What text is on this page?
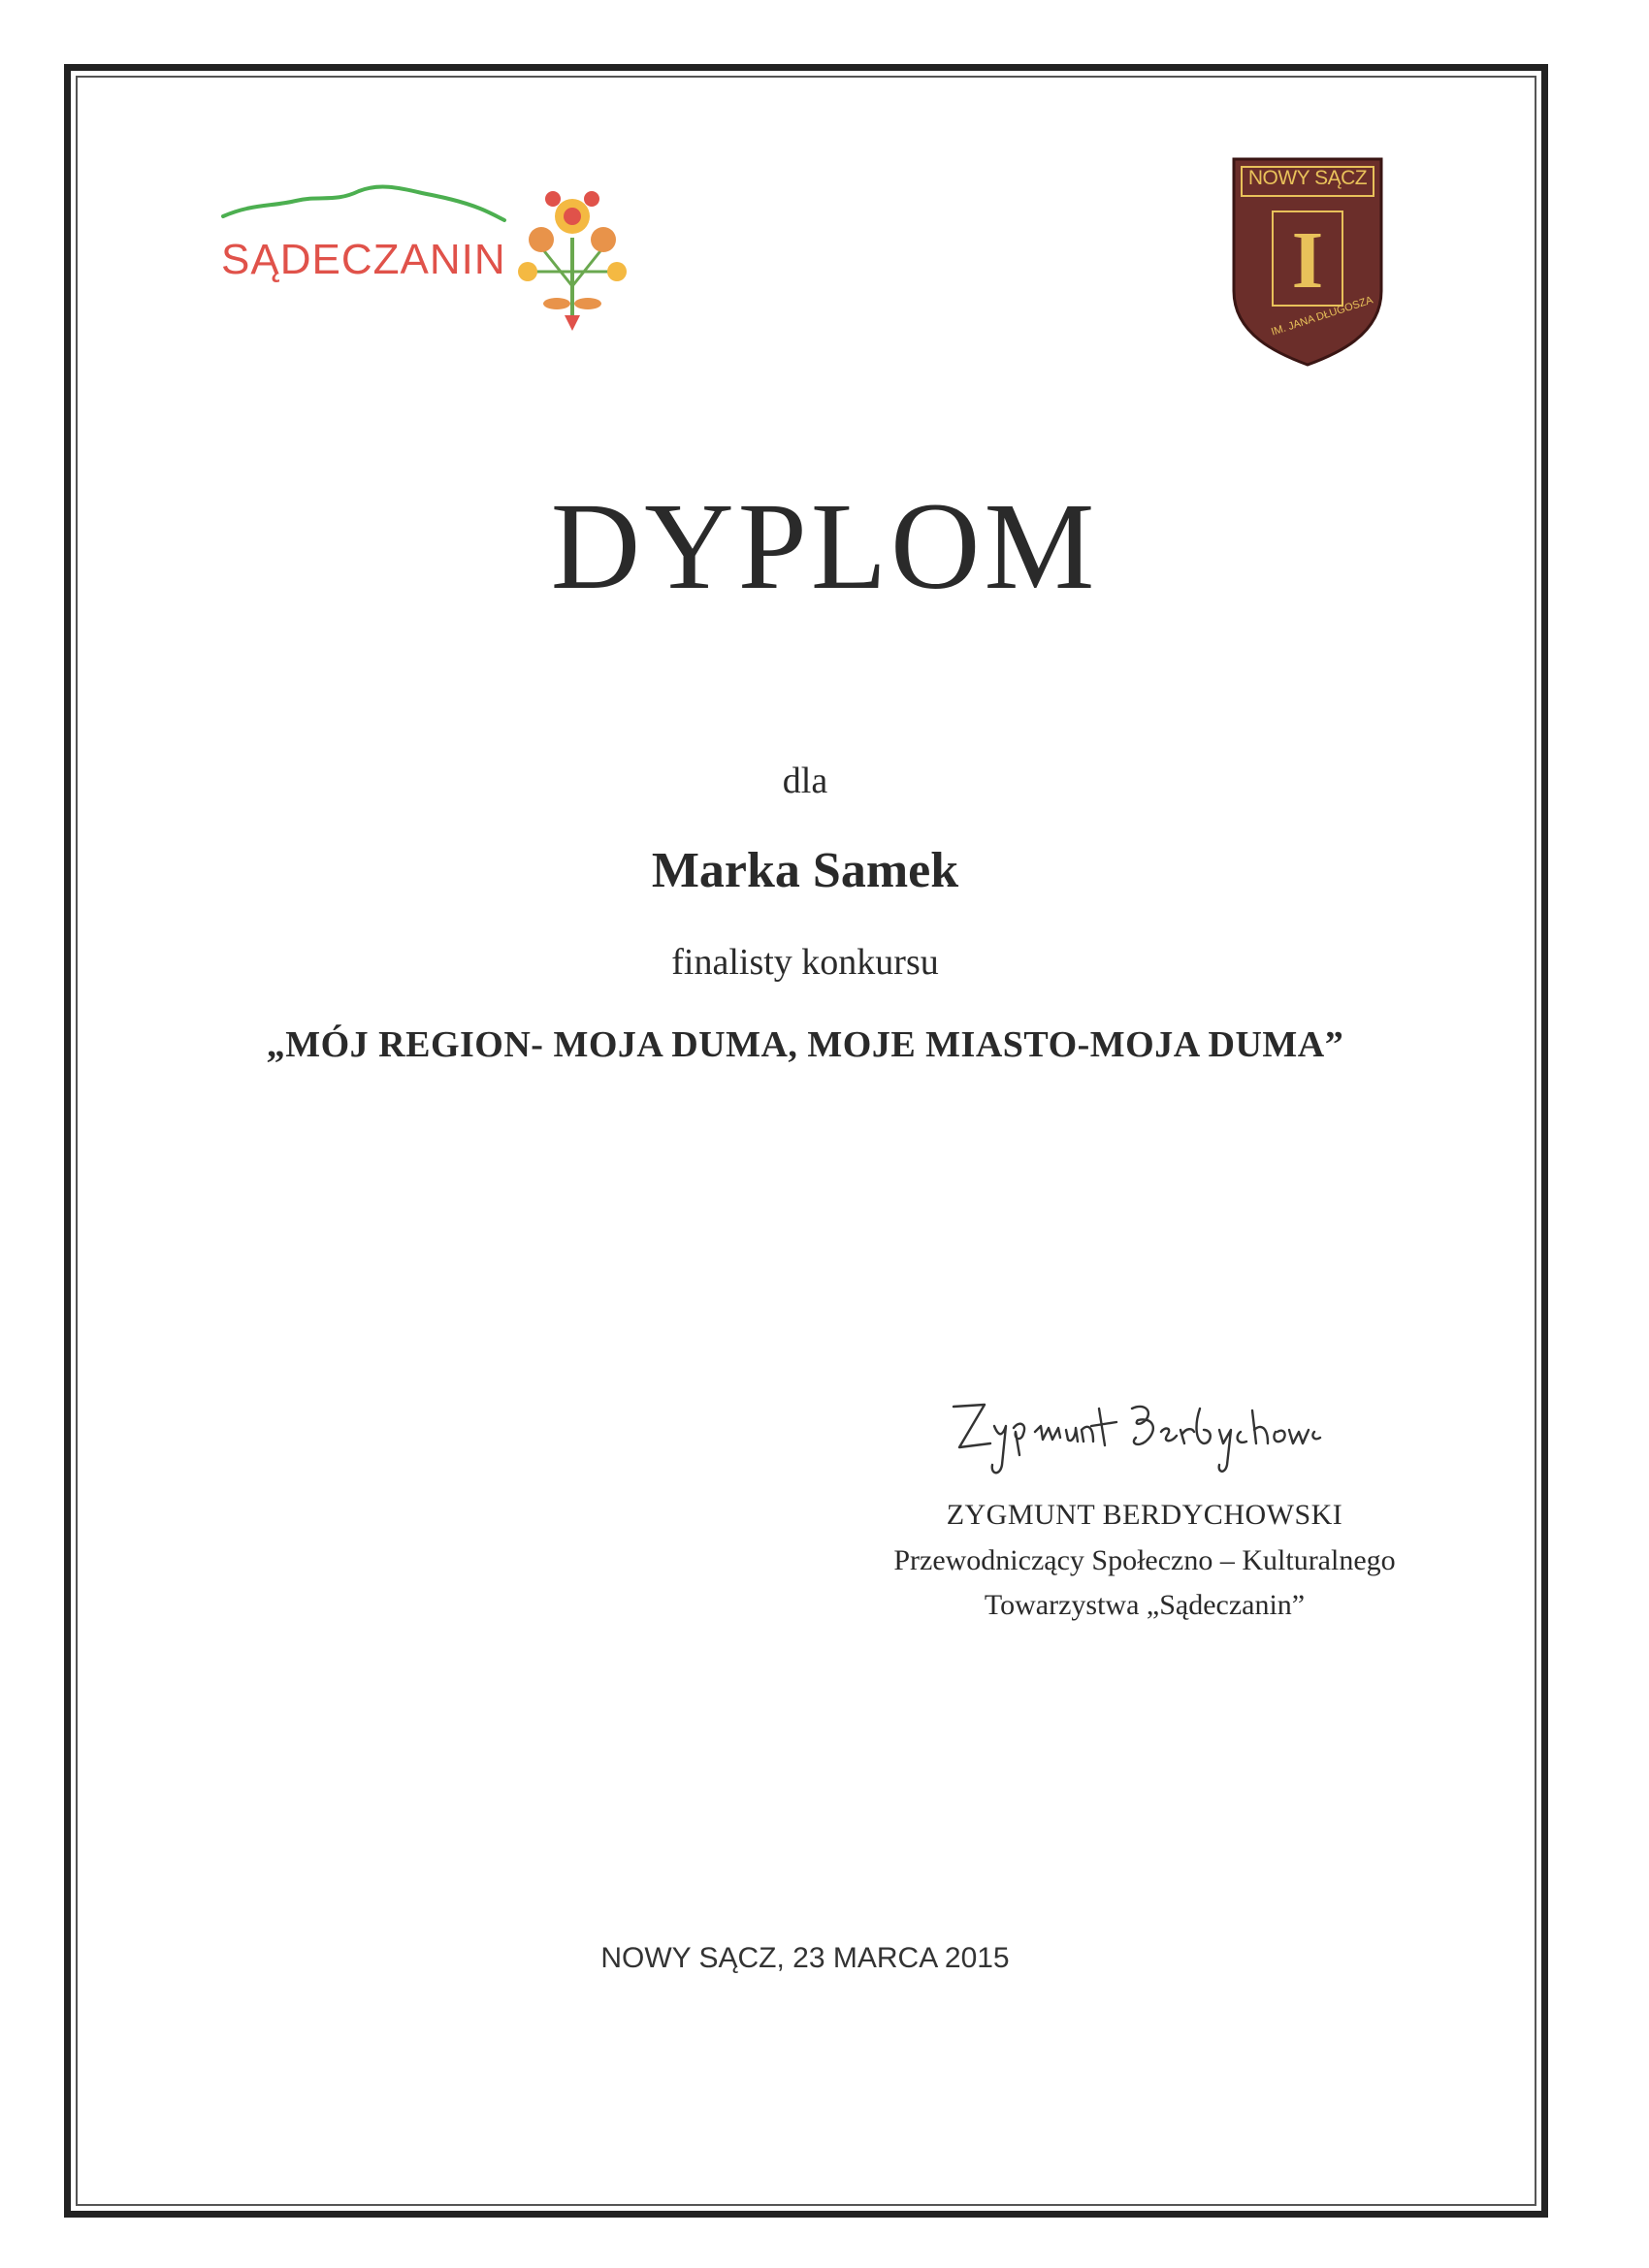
SĄDECZANIN
NOWY SĄCZ
I
IM. JANA DŁUGOSZA
DYPLOM
dla
Marka Samek
finalisty konkursu
„MÓJ REGION- MOJA DUMA, MOJE MIASTO-MOJA DUMA”
ZYGMUNT BERDYCHOWSKI
Przewodniczący Społeczno – Kulturalnego
Towarzystwa „Sądeczanin”
NOWY SĄCZ, 23 MARCA 2015
